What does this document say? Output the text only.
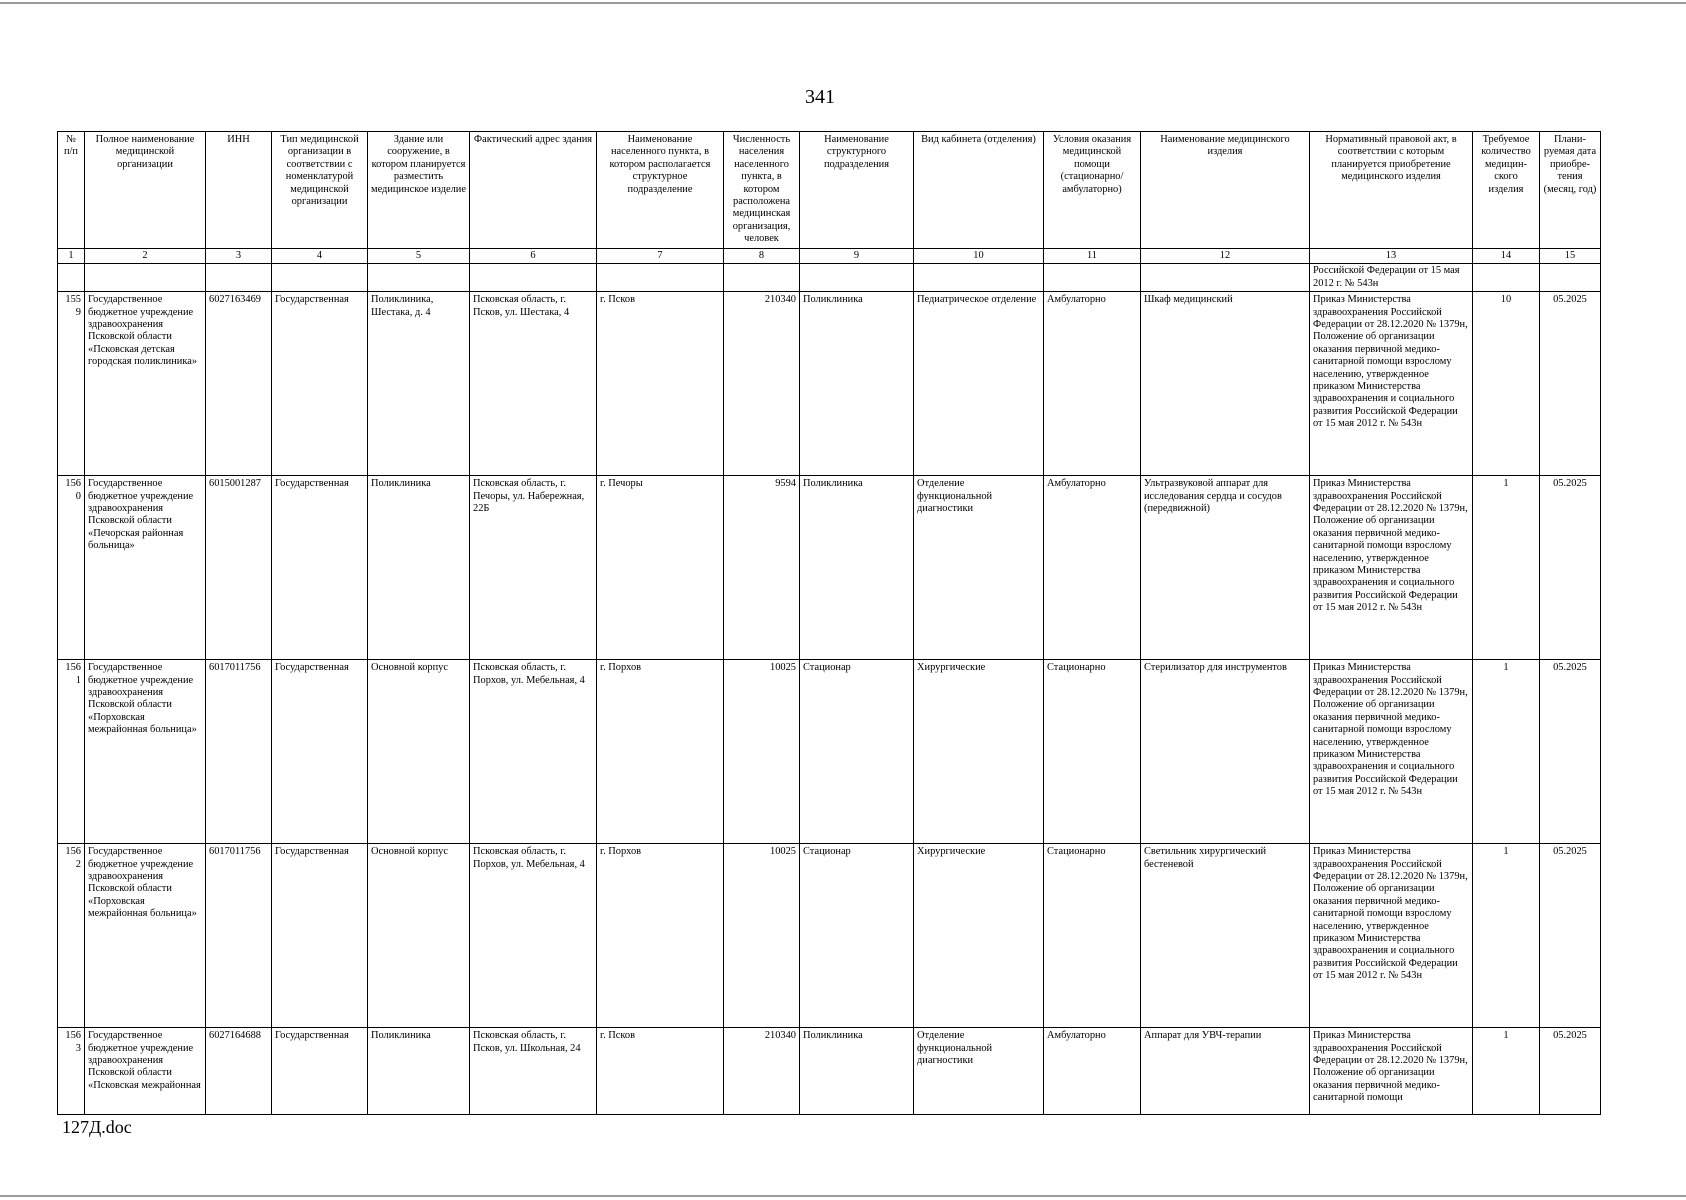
341
№ п/п	Полное наименование медицинской организации	ИНН	Тип медицинской организации в соответствии с номенклатурой медицинской организации	Здание или сооружение, в котором планируется разместить медицинское изделие	Фактический адрес здания	Наименование населенного пункта, в котором располагается структурное подразделение	Численность населения населенного пункта, в котором расположена медицинская организация, человек	Наименование структурного подразделения	Вид кабинета (отделения)	Условия оказания медицинской помощи (стационарно/ амбулаторно)	Наименование медицинского изделия	Нормативный правовой акт, в соответствии с которым планируется приобретение медицинского изделия	Требуемое количество медицин-ского изделия	Плани-руемая дата приобре-тения (месяц, год)
1	2	3	4	5	6	7	8	9	10	11	12	13	14	15
												Российской Федерации от 15 мая 2012 г. № 543н		
1559	Государственное бюджетное учреждение здравоохранения Псковской области «Псковская детская городская поликлиника»	6027163469	Государственная	Поликлиника, Шестака, д. 4	Псковская область, г. Псков, ул. Шестака, 4	г. Псков	210340	Поликлиника	Педиатрическое отделение	Амбулаторно	Шкаф медицинский	Приказ Министерства здравоохранения Российской Федерации от 28.12.2020 № 1379н, Положение об организации оказания первичной медико-санитарной помощи взрослому населению, утвержденное приказом Министерства здравоохранения и социального развития Российской Федерации от 15 мая 2012 г. № 543н	10	05.2025
1560	Государственное бюджетное учреждение здравоохранения Псковской области «Печорская районная больница»	6015001287	Государственная	Поликлиника	Псковская область, г. Печоры, ул. Набережная, 22Б	г. Печоры	9594	Поликлиника	Отделение функциональной диагностики	Амбулаторно	Ультразвуковой аппарат для исследования сердца и сосудов (передвижной)	Приказ Министерства здравоохранения Российской Федерации от 28.12.2020 № 1379н, Положение об организации оказания первичной медико-санитарной помощи взрослому населению, утвержденное приказом Министерства здравоохранения и социального развития Российской Федерации от 15 мая 2012 г. № 543н	1	05.2025
1561	Государственное бюджетное учреждение здравоохранения Псковской области «Порховская межрайонная больница»	6017011756	Государственная	Основной корпус	Псковская область, г. Порхов, ул. Мебельная, 4	г. Порхов	10025	Стационар	Хирургические	Стационарно	Стерилизатор для инструментов	Приказ Министерства здравоохранения Российской Федерации от 28.12.2020 № 1379н, Положение об организации оказания первичной медико-санитарной помощи взрослому населению, утвержденное приказом Министерства здравоохранения и социального развития Российской Федерации от 15 мая 2012 г. № 543н	1	05.2025
1562	Государственное бюджетное учреждение здравоохранения Псковской области «Порховская межрайонная больница»	6017011756	Государственная	Основной корпус	Псковская область, г. Порхов, ул. Мебельная, 4	г. Порхов	10025	Стационар	Хирургические	Стационарно	Светильник хирургический бестеневой	Приказ Министерства здравоохранения Российской Федерации от 28.12.2020 № 1379н, Положение об организации оказания первичной медико-санитарной помощи взрослому населению, утвержденное приказом Министерства здравоохранения и социального развития Российской Федерации от 15 мая 2012 г. № 543н	1	05.2025
1563	Государственное бюджетное учреждение здравоохранения Псковской области «Псковская межрайонная	6027164688	Государственная	Поликлиника	Псковская область, г. Псков, ул. Школьная, 24	г. Псков	210340	Поликлиника	Отделение функциональной диагностики	Амбулаторно	Аппарат для УВЧ-терапии	Приказ Министерства здравоохранения Российской Федерации от 28.12.2020 № 1379н, Положение об организации оказания первичной медико-санитарной помощи	1	05.2025
127Д.doc
